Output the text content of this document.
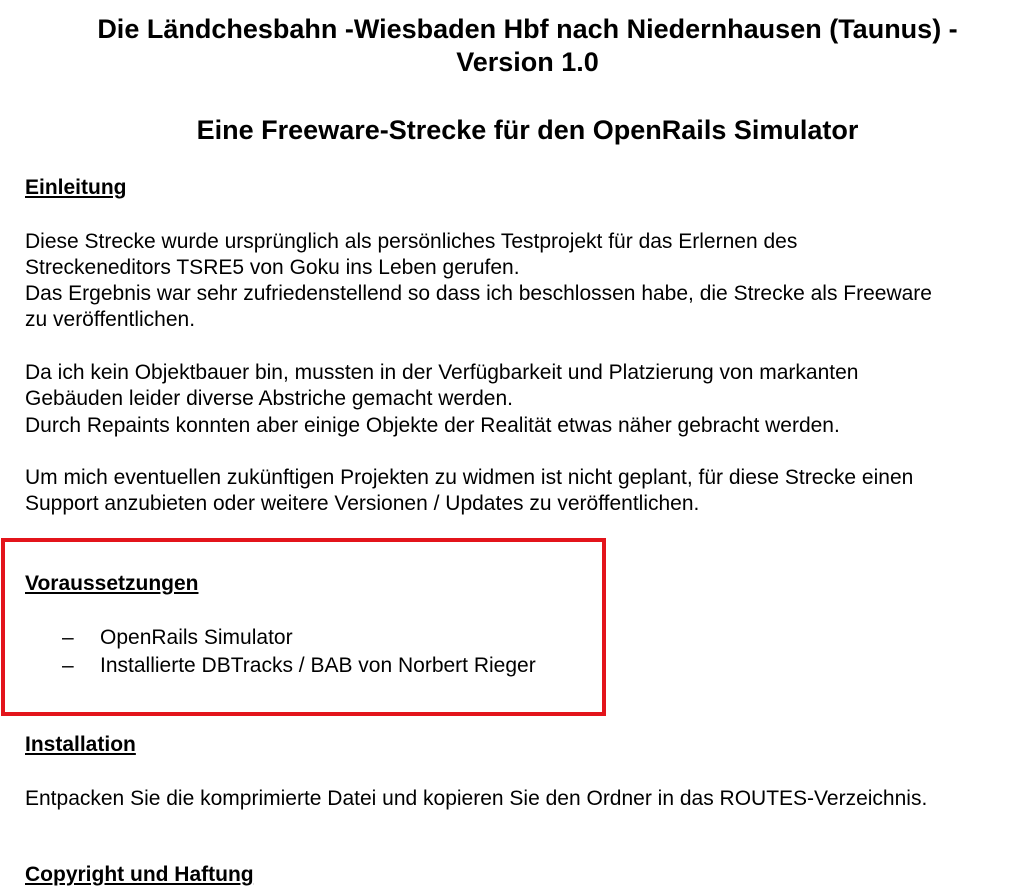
Die Ländchesbahn -Wiesbaden Hbf nach Niedernhausen (Taunus) -
Version 1.0
Eine Freeware-Strecke für den OpenRails Simulator
Einleitung

Diese Strecke wurde ursprünglich als persönliches Testprojekt für das Erlernen des

Streckeneditors TSRE5 von Goku ins Leben gerufen.

Das Ergebnis war sehr zufriedenstellend so dass ich beschlossen habe, die Strecke als Freeware

zu veröffentlichen.

Da ich kein Objektbauer bin, mussten in der Verfügbarkeit und Platzierung von markanten

Gebäuden leider diverse Abstriche gemacht werden.

Durch Repaints konnten aber einige Objekte der Realität etwas näher gebracht werden.

Um mich eventuellen zukünftigen Projekten zu widmen ist nicht geplant, für diese Strecke einen

Support anzubieten oder weitere Versionen / Updates zu veröffentlichen.

Voraussetzungen
– OpenRails Simulator
– Installierte DBTracks / BAB von Norbert Rieger
Installation

Entpacken Sie die komprimierte Datei und kopieren Sie den Ordner in das ROUTES-Verzeichnis.

Copyright und Haftung
